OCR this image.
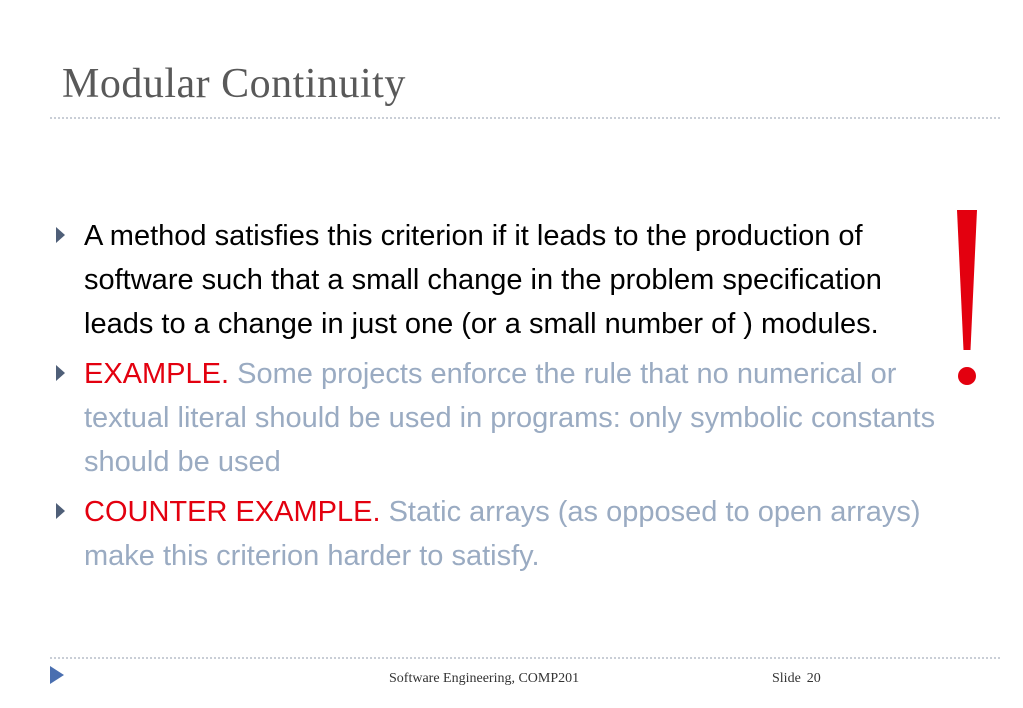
Modular Continuity
A method satisfies this criterion if it leads to the production of software such that a small change in the problem specification leads to a change in just one (or a small number of ) modules.
EXAMPLE. Some projects enforce the rule that no numerical or textual literal should be used in programs: only symbolic constants should be used
COUNTER EXAMPLE. Static arrays (as opposed to open arrays) make this criterion harder to satisfy.
Software Engineering, COMP201	Slide 20
